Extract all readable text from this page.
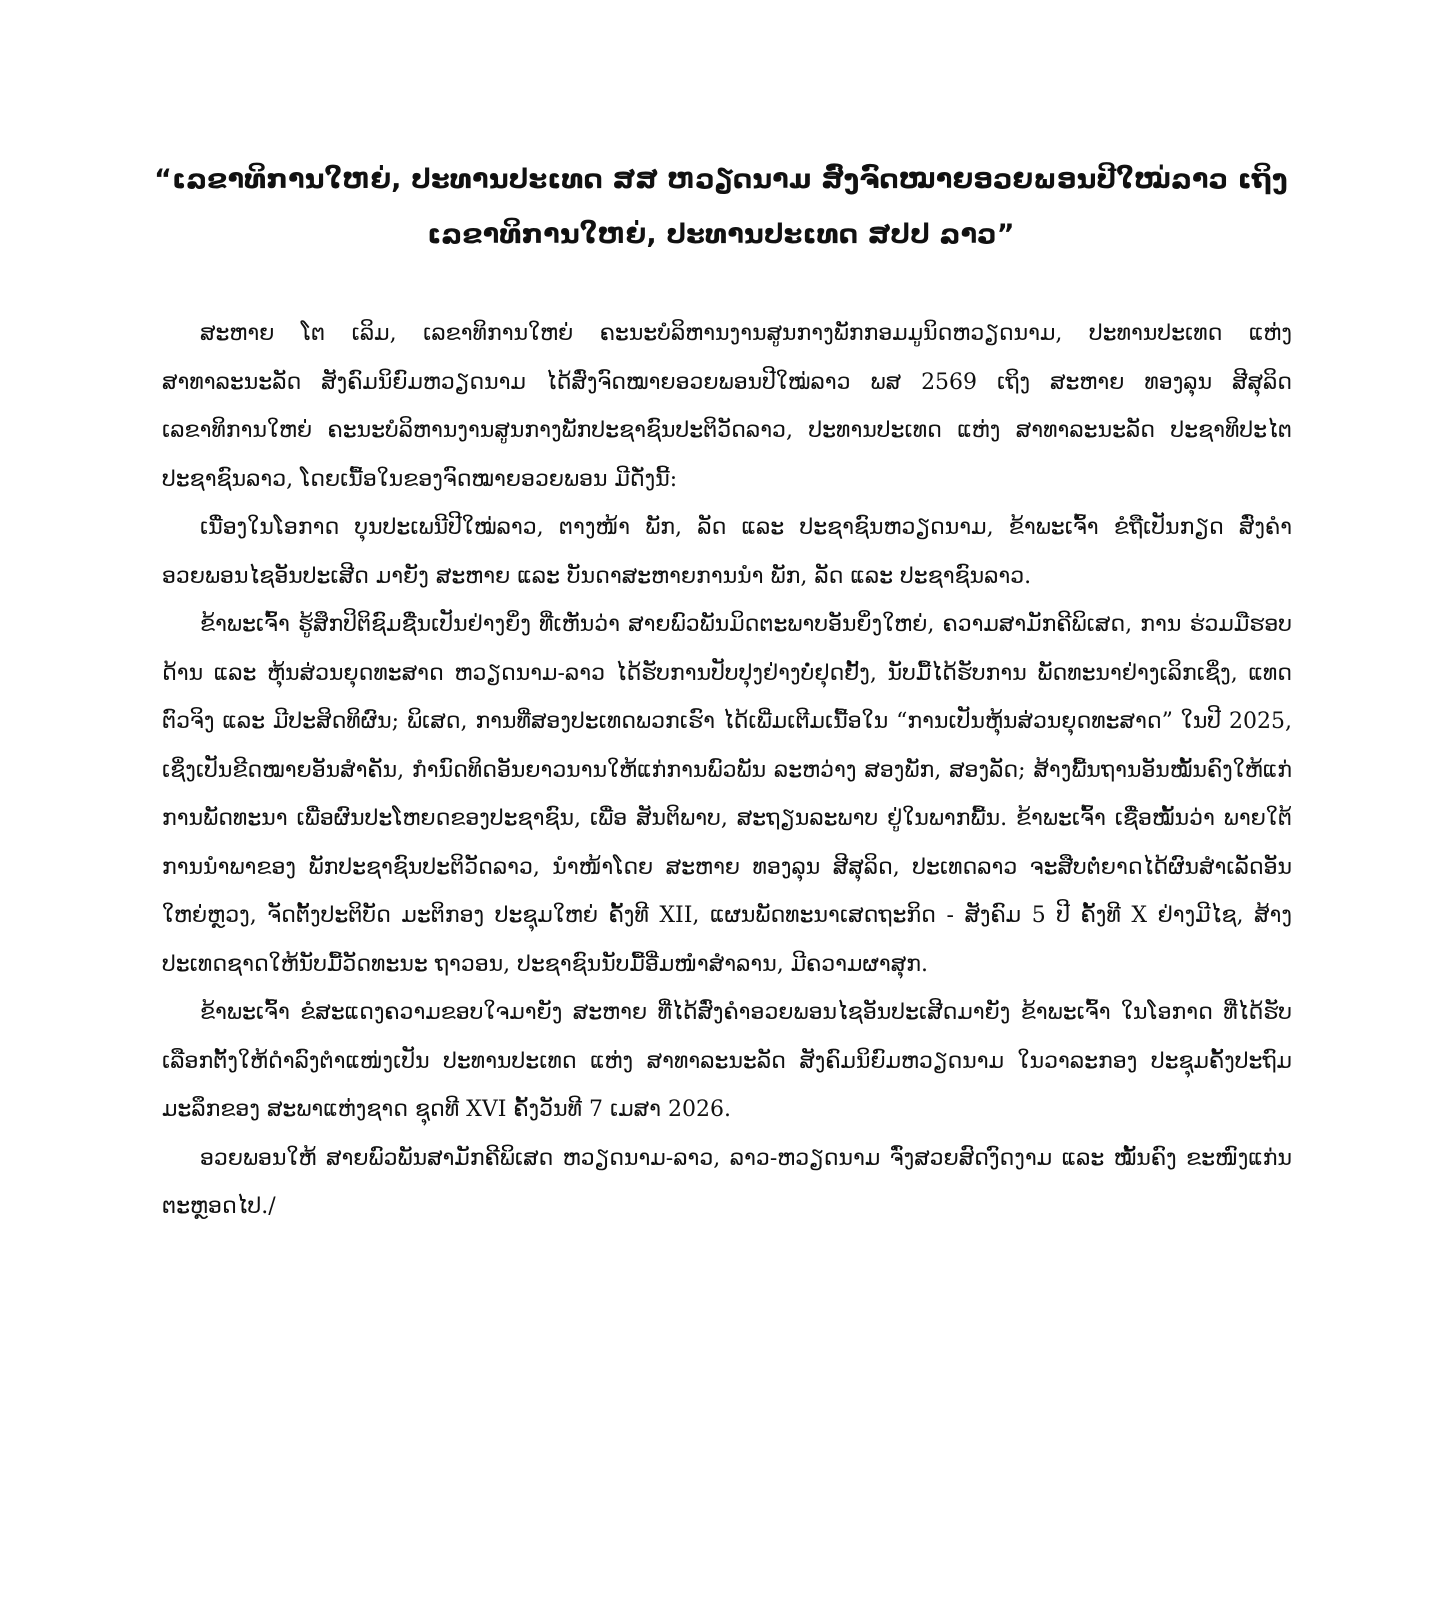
“ເລຂາທິການໃຫຍ່, ປະທານປະເທດ ສສ ຫວຽດນາມ ສົ່ງຈົດໝາຍອວຍພອນປີໃໝ່ລາວ ເຖິງ ເລຂາທິການໃຫຍ່, ປະທານປະເທດ ສປປ ລາວ”

ສະຫາຍ ໂຕ ເລິມ, ເລຂາທິການໃຫຍ່ ຄະນະບໍລິຫານງານສູນກາງພັກກອມມູນິດຫວຽດນາມ, ປະທານປະເທດ ແຫ່ງ ສາທາລະນະລັດ ສັງຄົມນິຍົມຫວຽດນາມ ໄດ້ສົ່ງຈົດໝາຍອວຍພອນປີໃໝ່ລາວ ພສ 2569 ເຖິງ ສະຫາຍ ທອງລຸນ ສີສຸລິດ ເລຂາທິການໃຫຍ່ ຄະນະບໍລິຫານງານສູນກາງພັກປະຊາຊົນປະຕິວັດລາວ, ປະທານປະເທດ ແຫ່ງ ສາທາລະນະລັດ ປະຊາທິປະໄຕ ປະຊາຊົນລາວ, ໂດຍເນື້ອໃນຂອງຈົດໝາຍອວຍພອນ ມີດັ່ງນີ້:

ເນື່ອງໃນໂອກາດ ບຸນປະເພນີປີໃໝ່ລາວ, ຕາງໜ້າ ພັກ, ລັດ ແລະ ປະຊາຊົນຫວຽດນາມ, ຂ້າພະເຈົ້າ ຂໍຖືເປັນກຽດ ສົ່ງຄຳອວຍພອນໄຊອັນປະເສີດ ມາຍັງ ສະຫາຍ ແລະ ບັນດາສະຫາຍການນຳ ພັກ, ລັດ ແລະ ປະຊາຊົນລາວ.

ຂ້າພະເຈົ້າ ຮູ້ສຶກປິຕິຊົມຊື່ນເປັນຢ່າງຍິ່ງ ທີ່ເຫັນວ່າ ສາຍພົວພັນມິດຕະພາບອັນຍິ່ງໃຫຍ່, ຄວາມສາມັກຄີພິເສດ, ການ ຮ່ວມມືຮອບດ້ານ ແລະ ຫຸ້ນສ່ວນຍຸດທະສາດ ຫວຽດນາມ-ລາວ ໄດ້ຮັບການປັບປຸງຢ່າງບໍ່ຢຸດຢັ້ງ, ນັບມື້ໄດ້ຮັບການ ພັດທະນາຢ່າງເລິກເຊິ່ງ, ແທດຕົວຈິງ ແລະ ມີປະສິດທິຜົນ; ພິເສດ, ການທີ່ສອງປະເທດພວກເຮົາ ໄດ້ເພີ່ມເຕີມເນື້ອໃນ “ການເປັນຫຸ້ນສ່ວນຍຸດທະສາດ” ໃນປີ 2025, ເຊິ່ງເປັນຂີດໝາຍອັນສຳຄັນ, ກຳນົດທິດອັນຍາວນານໃຫ້ແກ່ການພົວພັນ ລະຫວ່າງ ສອງພັກ, ສອງລັດ; ສ້າງພື້ນຖານອັນໝັ້ນຄົງໃຫ້ແກ່ການພັດທະນາ ເພື່ອຜົນປະໂຫຍດຂອງປະຊາຊົນ, ເພື່ອ ສັນຕິພາບ, ສະຖຽນລະພາບ ຢູ່ໃນພາກພື້ນ. ຂ້າພະເຈົ້າ ເຊື່ອໝັ້ນວ່າ ພາຍໃຕ້ການນຳພາຂອງ ພັກປະຊາຊົນປະຕິວັດລາວ, ນຳໜ້າໂດຍ ສະຫາຍ ທອງລຸນ ສີສຸລິດ, ປະເທດລາວ ຈະສືບຕໍ່ຍາດໄດ້ຜົນສຳເລັດອັນໃຫຍ່ຫຼວງ, ຈັດຕັ້ງປະຕິບັດ ມະຕິກອງ ປະຊຸມໃຫຍ່ ຄັ້ງທີ XII, ແຜນພັດທະນາເສດຖະກິດ - ສັງຄົມ 5 ປີ ຄັ້ງທີ X ຢ່າງມີໄຊ, ສ້າງປະເທດຊາດໃຫ້ນັບມື້ວັດທະນະ ຖາວອນ, ປະຊາຊົນນັບມື້ອີ່ມໜຳສຳລານ, ມີຄວາມຜາສຸກ.

ຂ້າພະເຈົ້າ ຂໍສະແດງຄວາມຂອບໃຈມາຍັງ ສະຫາຍ ທີ່ໄດ້ສົ່ງຄຳອວຍພອນໄຊອັນປະເສີດມາຍັງ ຂ້າພະເຈົ້າ ໃນໂອກາດ ທີ່ໄດ້ຮັບເລືອກຕັ້ງໃຫ້ດຳລົງຕຳແໜ່ງເປັນ ປະທານປະເທດ ແຫ່ງ ສາທາລະນະລັດ ສັງຄົມນິຍົມຫວຽດນາມ ໃນວາລະກອງ ປະຊຸມຄັ້ງປະຖົມມະລຶກຂອງ ສະພາແຫ່ງຊາດ ຊຸດທີ XVI ຄັ້ງວັນທີ 7 ເມສາ 2026.

ອວຍພອນໃຫ້ ສາຍພົວພັນສາມັກຄີພິເສດ ຫວຽດນາມ-ລາວ, ລາວ-ຫວຽດນາມ ຈົ່ງສວຍສົດງົດງາມ ແລະ ໝັ້ນຄົງ ຂະໜົງແກ່ນຕະຫຼອດໄປ./
